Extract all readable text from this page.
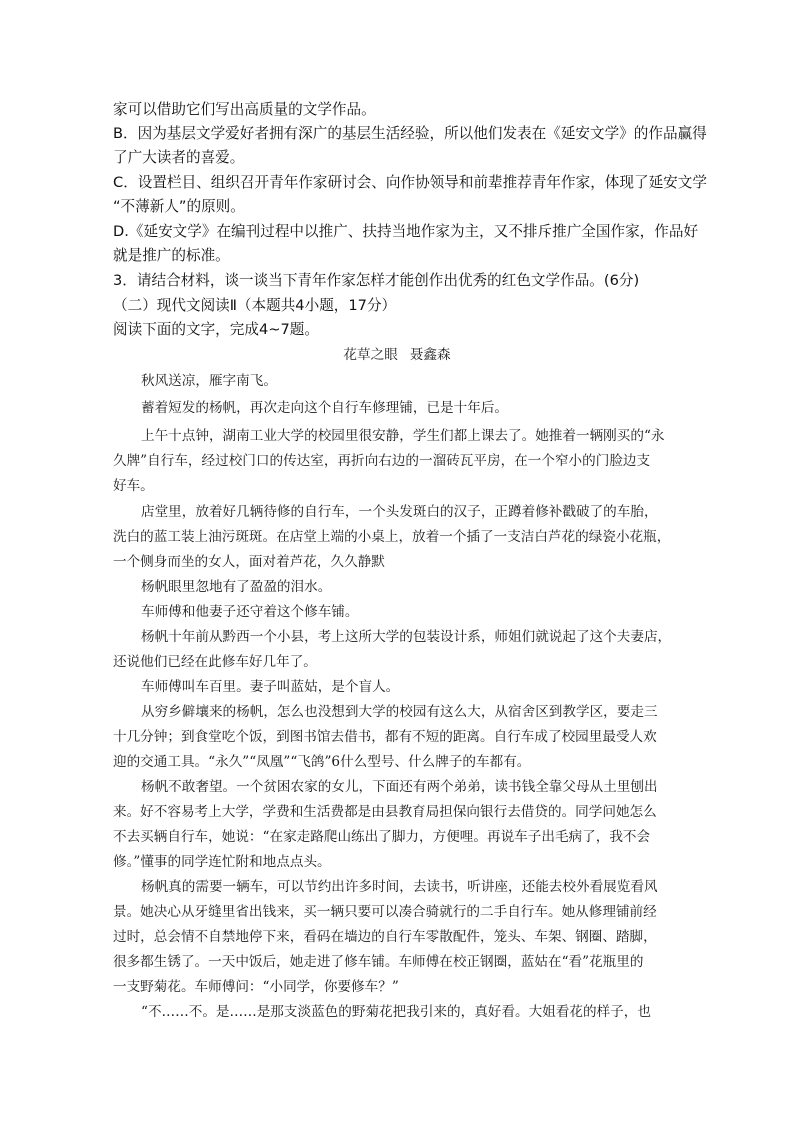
家可以借助它们写出高质量的文学作品。
B．因为基层文学爱好者拥有深广的基层生活经验，所以他们发表在《延安文学》的作品赢得
了广大读者的喜爱。
C．设置栏目、组织召开青年作家研讨会、向作协领导和前辈推荐青年作家，体现了延安文学
“不薄新人”的原则。
D.《延安文学》在编刊过程中以推广、扶持当地作家为主，又不排斥推广全国作家，作品好
就是推广的标准。
3．请结合材料，谈一谈当下青年作家怎样才能创作出优秀的红色文学作品。(6分)
（二）现代文阅读Ⅱ（本题共4小题，17分）
阅读下面的文字，完成4~7题。
花草之眼 聂鑫森
秋风送凉，雁字南飞。
蓄着短发的杨帆，再次走向这个自行车修理铺，已是十年后。
上午十点钟，湖南工业大学的校园里很安静，学生们都上课去了。她推着一辆刚买的“永
久牌”自行车，经过校门口的传达室，再折向右边的一溜砖瓦平房，在一个窄小的门脸边支
好车。
店堂里，放着好几辆待修的自行车，一个头发斑白的汉子，正蹲着修补戳破了的车胎，
洗白的蓝工装上油污斑斑。在店堂上端的小桌上，放着一个插了一支洁白芦花的绿瓷小花瓶，
一个侧身而坐的女人，面对着芦花，久久静默
杨帆眼里忽地有了盈盈的泪水。
车师傅和他妻子还守着这个修车铺。
杨帆十年前从黔西一个小县，考上这所大学的包装设计系，师姐们就说起了这个夫妻店，
还说他们已经在此修车好几年了。
车师傅叫车百里。妻子叫蓝姑，是个盲人。
从穷乡僻壤来的杨帆，怎么也没想到大学的校园有这么大，从宿舍区到教学区，要走三
十几分钟；到食堂吃个饭，到图书馆去借书，都有不短的距离。自行车成了校园里最受人欢
迎的交通工具。“永久”“凤凰”“飞鸽”6什么型号、什么牌子的车都有。
杨帆不敢奢望。一个贫困农家的女儿，下面还有两个弟弟，读书钱全靠父母从土里刨出
来。好不容易考上大学，学费和生活费都是由县教育局担保向银行去借贷的。同学问她怎么
不去买辆自行车，她说：“在家走路爬山练出了脚力，方便哩。再说车子出毛病了，我不会
修。”懂事的同学连忙附和地点点头。
杨帆真的需要一辆车，可以节约出许多时间，去读书，听讲座，还能去校外看展览看风
景。她决心从牙缝里省出钱来，买一辆只要可以凑合骑就行的二手自行车。她从修理铺前经
过时，总会情不自禁地停下来，看码在墙边的自行车零散配件，笼头、车架、钢圈、踏脚，
很多都生锈了。一天中饭后，她走进了修车铺。车师傅在校正钢圈，蓝姑在“看”花瓶里的
一支野菊花。车师傅问：“小同学，你要修车？”
“不……不。是……是那支淡蓝色的野菊花把我引来的，真好看。大姐看花的样子，也
